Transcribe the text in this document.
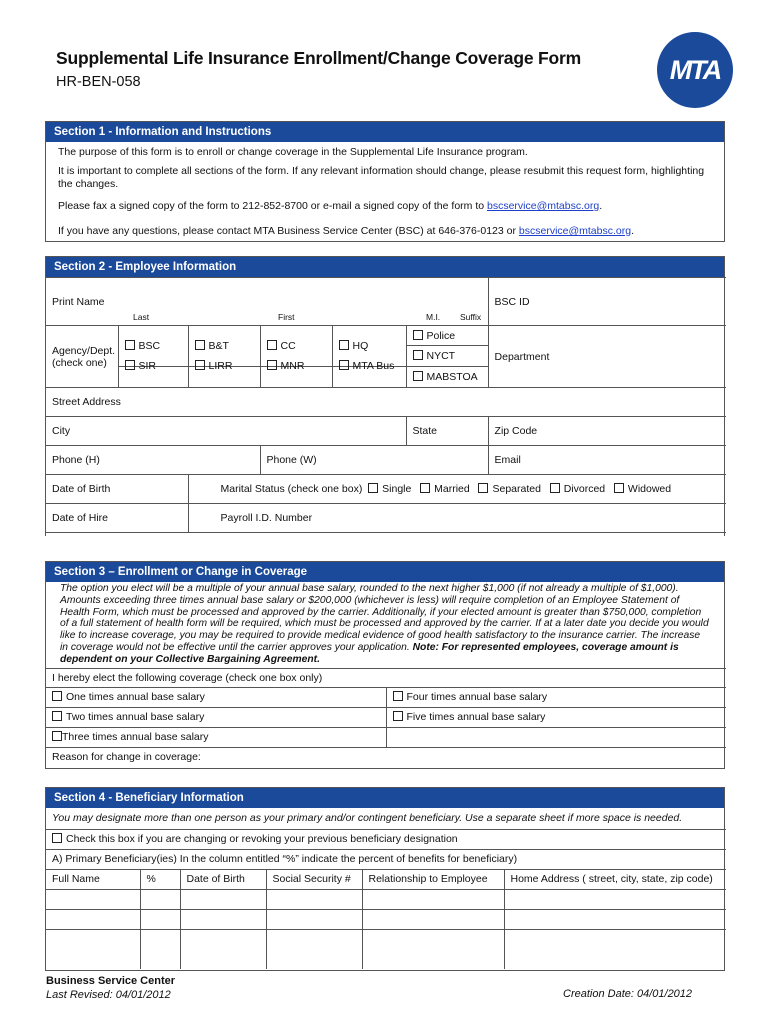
Supplemental Life Insurance Enrollment/Change Coverage Form
HR-BEN-058	MTA
Section 1 - Information and Instructions
The purpose of this form is to enroll or change coverage in the Supplemental Life Insurance program.
It is important to complete all sections of the form. If any relevant information should change, please resubmit this request form, highlighting the changes.
Please fax a signed copy of the form to 212-852-8700 or e-mail a signed copy of the form to bscservice@mtabsc.org.
If you have any questions, please contact MTA Business Service Center (BSC) at 646-376-0123 or bscservice@mtabsc.org.
Section 2 - Employee Information
Print Name
Last First M.I. Suffix						BSC ID

Agency/Dept.
(check one)	BSC	B&T	CC	HQ	Police	Department
					NYCT	
	SIR	LIRR	MNR	MTA Bus	MABSTOA	
Street Address						
City					State	Zip Code
Phone (H)			Phone (W)			Email
Date of Birth		Marital Status (check one box) Single Married Separated Divorced Widowed				

Date of Hire		Payroll I.D. Number				
Section 3 – Enrollment or Change in Coverage
The option you elect will be a multiple of your annual base salary, rounded to the next higher $1,000 (if not already a multiple of $1,000). Amounts exceeding three times annual base salary or $200,000 (whichever is less) will require completion of an Employee Statement of Health Form, which must be processed and approved by the carrier. Additionally, if your elected amount is greater than $750,000, completion of a full statement of health form will be required, which must be processed and approved by the carrier. If at a later date you decide you would like to increase coverage, you may be required to provide medical evidence of good health satisfactory to the insurance carrier. The increase in coverage would not be effective until the carrier approves your application. Note: For represented employees, coverage amount is dependent on your Collective Bargaining Agreement.
I hereby elect the following coverage (check one box only)	
One times annual base salary	Four times annual base salary
Two times annual base salary	Five times annual base salary
Three times annual base salary	
Reason for change in coverage:	
Section 4 - Beneficiary Information
You may designate more than one person as your primary and/or contingent beneficiary. Use a separate sheet if more space is needed.					
Check this box if you are changing or revoking your previous beneficiary designation					
A) Primary Beneficiary(ies) In the column entitled “%” indicate the percent of benefits for beneficiary)					
Full Name	%	Date of Birth	Social Security #	Relationship to Employee	Home Address ( street, city, state, zip code)

Business Service Center
Last Revised: 04/01/2012	Creation Date: 04/01/2012
